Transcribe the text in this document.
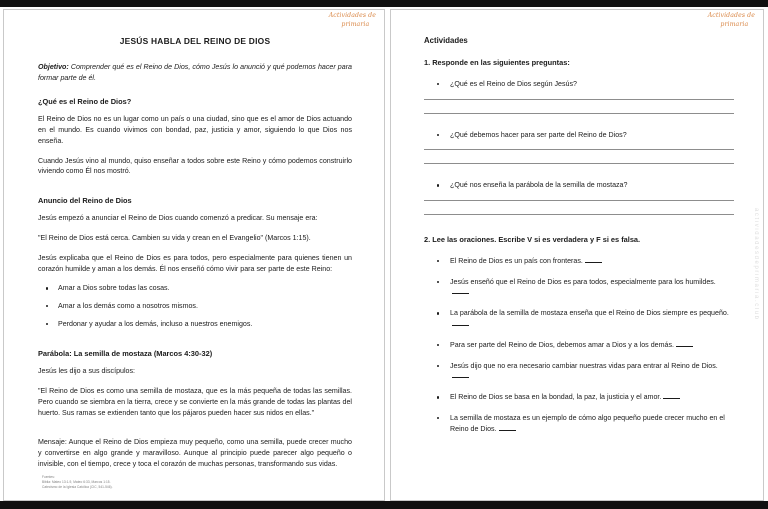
Actividades de
primaria
JESÚS HABLA DEL REINO DE DIOS
Objetivo: Comprender qué es el Reino de Dios, cómo Jesús lo anunció y qué podemos hacer para formar parte de él.
¿Qué es el Reino de Dios?

El Reino de Dios no es un lugar como un país o una ciudad, sino que es el amor de Dios actuando en el mundo. Es cuando vivimos con bondad, paz, justicia y amor, siguiendo lo que Dios nos enseña.

Cuando Jesús vino al mundo, quiso enseñar a todos sobre este Reino y cómo podemos construirlo viviendo como Él nos mostró.

Anuncio del Reino de Dios

Jesús empezó a anunciar el Reino de Dios cuando comenzó a predicar. Su mensaje era:

"El Reino de Dios está cerca. Cambien su vida y crean en el Evangelio" (Marcos 1:15).

Jesús explicaba que el Reino de Dios es para todos, pero especialmente para quienes tienen un corazón humilde y aman a los demás. Él nos enseñó cómo vivir para ser parte de este Reino:

Amar a Dios sobre todas las cosas.
Amar a los demás como a nosotros mismos.
Perdonar y ayudar a los demás, incluso a nuestros enemigos.
Parábola: La semilla de mostaza (Marcos 4:30-32)

Jesús les dijo a sus discípulos:

"El Reino de Dios es como una semilla de mostaza, que es la más pequeña de todas las semillas. Pero cuando se siembra en la tierra, crece y se convierte en la más grande de todas las plantas del huerto. Sus ramas se extienden tanto que los pájaros pueden hacer sus nidos en ellas."

Mensaje: Aunque el Reino de Dios empieza muy pequeño, como una semilla, puede crecer mucho y convertirse en algo grande y maravilloso. Aunque al principio puede parecer algo pequeño o invisible, con el tiempo, crece y toca el corazón de muchas personas, transformando sus vidas.

Fuentes:
Biblia: Mateo 13:1-9, Mateo 6:33, Marcos 1:15.
Catecismo de la Iglesia Católica (CIC, 541-546).
Actividades de
primaria
actividadesdeprimaria.club
Actividades
1. Responde en las siguientes preguntas:
¿Qué es el Reino de Dios según Jesús?
¿Qué debemos hacer para ser parte del Reino de Dios?
¿Qué nos enseña la parábola de la semilla de mostaza?
2. Lee las oraciones. Escribe V si es verdadera y F si es falsa.
El Reino de Dios es un país con fronteras.
Jesús enseñó que el Reino de Dios es para todos, especialmente para los humildes.
La parábola de la semilla de mostaza enseña que el Reino de Dios siempre es pequeño.
Para ser parte del Reino de Dios, debemos amar a Dios y a los demás.
Jesús dijo que no era necesario cambiar nuestras vidas para entrar al Reino de Dios.
El Reino de Dios se basa en la bondad, la paz, la justicia y el amor.
La semilla de mostaza es un ejemplo de cómo algo pequeño puede crecer mucho en el Reino de Dios.
